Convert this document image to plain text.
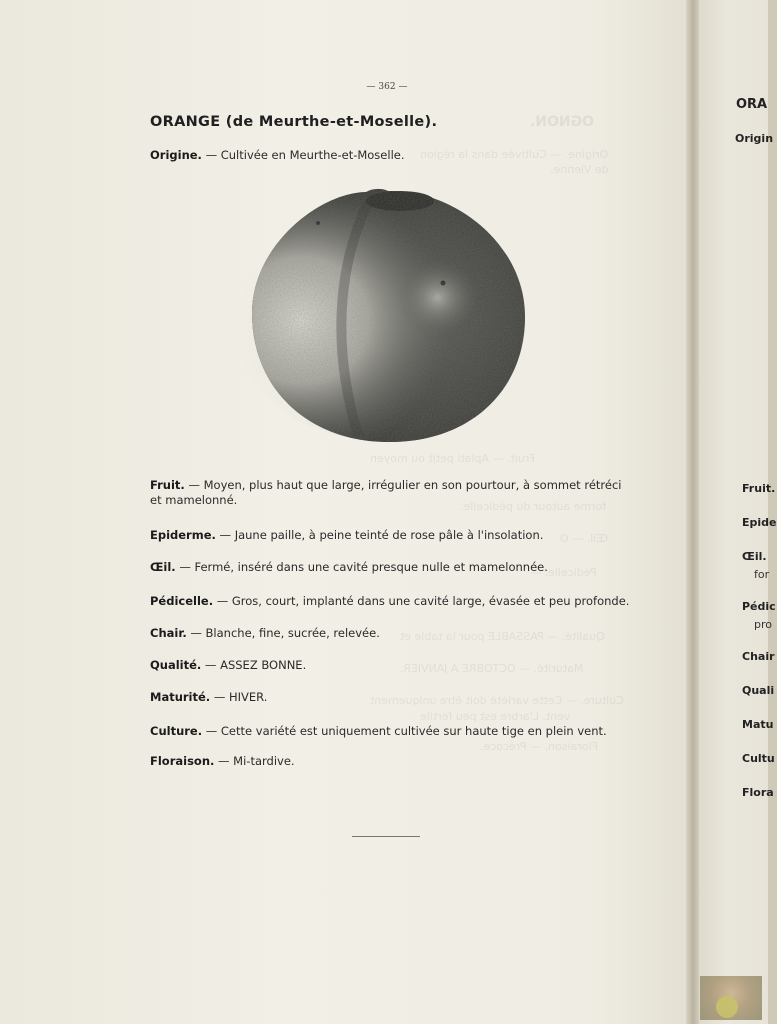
OGNON.
Origine. — Cultivée dans la région
de Vienne.
Fruit. — Aplati petit ou moyen
forme autour du pédicelle.
Œil. — O
Pédicelle. —
Qualité. — PASSABLE pour la table et
Maturité. — OCTOBRE A JANVIER.
Culture. — Cette variété doit être uniquement
vent. L'arbre est peu fertile
Floraison. — Précoce.
— 362 —
ORANGE (de Meurthe-et-Moselle).
Origine. — Cultivée en Meurthe-et-Moselle.

Fruit. — Moyen, plus haut que large, irrégulier en son pourtour, à sommet rétréci et mamelonné.

Epiderme. — Jaune paille, à peine teinté de rose pâle à l'insolation.

Œil. — Fermé, inséré dans une cavité presque nulle et mamelonnée.

Pédicelle. — Gros, court, implanté dans une cavité large, évasée et peu profonde.

Chair. — Blanche, fine, sucrée, relevée.

Qualité. — ASSEZ BONNE.

Maturité. — HIVER.

Culture. — Cette variété est uniquement cultivée sur haute tige en plein vent.

Floraison. — Mi-tardive.

ORA
Origin
Fruit.
Epide
Œil.
for
Pédic
pro
Chair
Quali
Matu
Cultu
Flora
